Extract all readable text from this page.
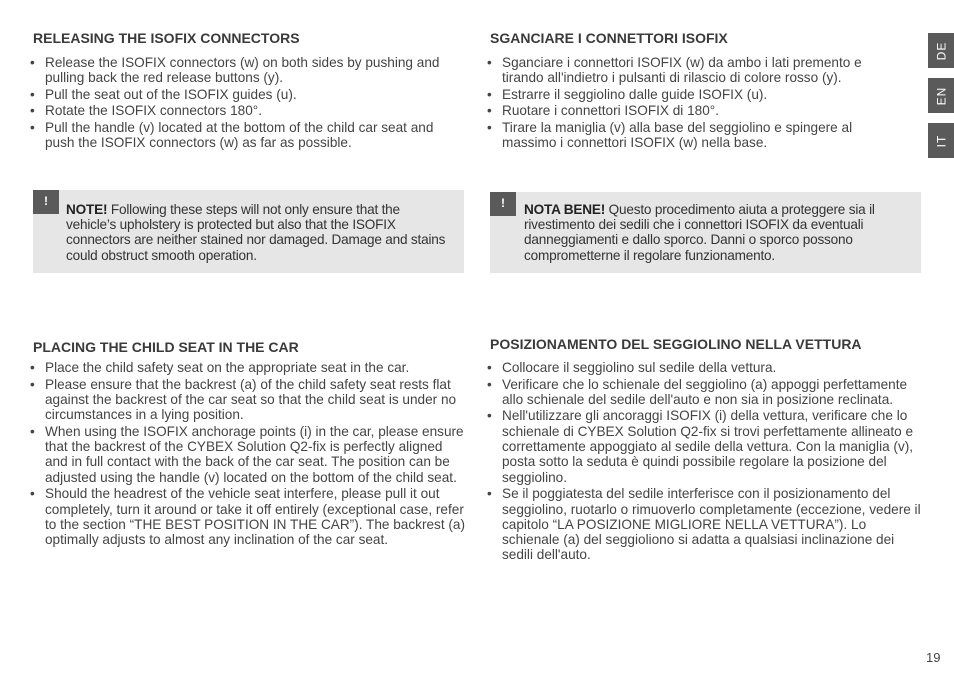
RELEASING THE ISOFIX CONNECTORS
• Release the ISOFIX connectors (w) on both sides by pushing and pulling back the red release buttons (y).
• Pull the seat out of the ISOFIX guides (u).
• Rotate the ISOFIX connectors 180°.
• Pull the handle (v) located at the bottom of the child car seat and push the ISOFIX connectors (w) as far as possible.
!

NOTE! Following these steps will not only ensure that the vehicle’s upholstery is protected but also that the ISOFIX connectors are neither stained nor damaged. Damage and stains could obstruct smooth operation.

SGANCIARE I CONNETTORI ISOFIX
• Sganciare i connettori ISOFIX (w) da ambo i lati premento e tirando all'indietro i pulsanti di rilascio di colore rosso (y).
• Estrarre il seggiolino dalle guide ISOFIX (u).
• Ruotare i connettori ISOFIX di 180°.
• Tirare la maniglia (v) alla base del seggiolino e spingere al massimo i connettori ISOFIX (w) nella base.
!	NOTA BENE! Questo procedimento aiuta a proteggere sia il rivestimento dei sedili che i connettori ISOFIX da eventuali danneggiamenti e dallo sporco. Danni o sporco possono comprometterne il regolare funzionamento.

PLACING THE CHILD SEAT IN THE CAR
• Place the child safety seat on the appropriate seat in the car.
• Please ensure that the backrest (a) of the child safety seat rests flat against the backrest of the car seat so that the child seat is under no circumstances in a lying position.
• When using the ISOFIX anchorage points (i) in the car, please ensure that the backrest of the CYBEX Solution Q2-fix is perfectly aligned and in full contact with the back of the car seat. The position can be adjusted using the handle (v) located on the bottom of the child seat.
• Should the headrest of the vehicle seat interfere, please pull it out completely, turn it around or take it off entirely (exceptional case, refer to the section “THE BEST POSITION IN THE CAR”). The backrest (a) optimally adjusts to almost any inclination of the car seat.
POSIZIONAMENTO DEL SEGGIOLINO NELLA VETTURA
• Collocare il seggiolino sul sedile della vettura.
• Verificare che lo schienale del seggiolino (a) appoggi perfettamente allo schienale del sedile dell'auto e non sia in posizione reclinata.
• Nell'utilizzare gli ancoraggi ISOFIX (i) della vettura, verificare che lo schienale di CYBEX Solution Q2-fix si trovi perfettamente allineato e correttamente appoggiato al sedile della vettura. Con la maniglia (v), posta sotto la seduta è quindi possibile regolare la posizione del seggiolino.
• Se il poggiatesta del sedile interferisce con il posizionamento del seggiolino, ruotarlo o rimuoverlo completamente (eccezione, vedere il capitolo “LA POSIZIONE MIGLIORE NELLA VETTURA”). Lo schienale (a) del seggioliono si adatta a qualsiasi inclinazione dei sedili dell'auto.
DE
EN
IT
19
